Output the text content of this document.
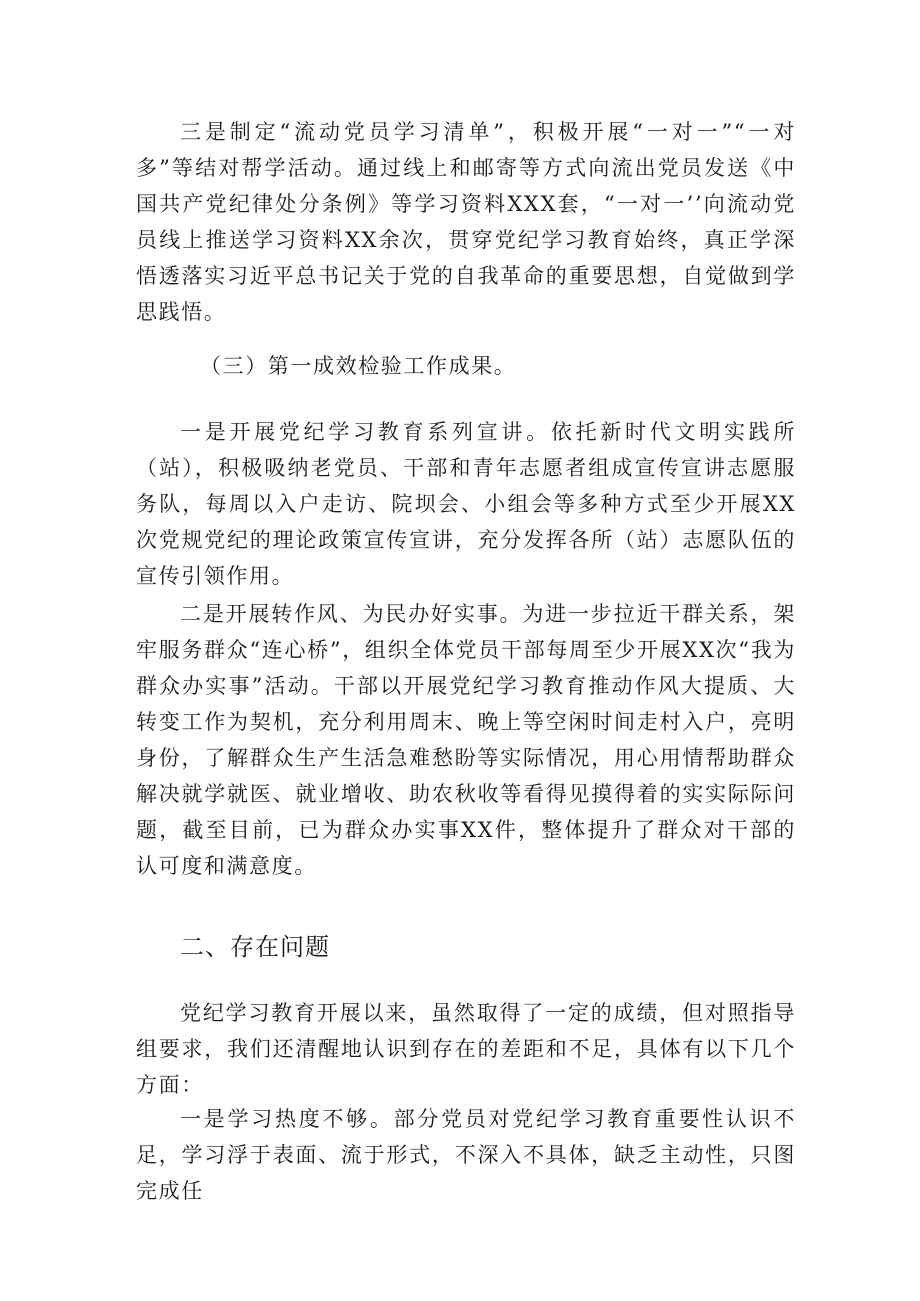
三是制定“流动党员学习清单”，积极开展“一对一”“一对多”等结对帮学活动。通过线上和邮寄等方式向流出党员发送《中国共产党纪律处分条例》等学习资料XXX套，“一对一’’向流动党员线上推送学习资料XX余次，贯穿党纪学习教育始终，真正学深悟透落实习近平总书记关于党的自我革命的重要思想，自觉做到学思践悟。

（三）第一成效检验工作成果。

一是开展党纪学习教育系列宣讲。依托新时代文明实践所（站），积极吸纳老党员、干部和青年志愿者组成宣传宣讲志愿服务队，每周以入户走访、院坝会、小组会等多种方式至少开展XX次党规党纪的理论政策宣传宣讲，充分发挥各所（站）志愿队伍的宣传引领作用。

二是开展转作风、为民办好实事。为进一步拉近干群关系，架牢服务群众“连心桥”，组织全体党员干部每周至少开展XX次“我为群众办实事”活动。干部以开展党纪学习教育推动作风大提质、大转变工作为契机，充分利用周末、晚上等空闲时间走村入户，亮明身份，了解群众生产生活急难愁盼等实际情况，用心用情帮助群众解决就学就医、就业增收、助农秋收等看得见摸得着的实实际际问题，截至目前，已为群众办实事XX件，整体提升了群众对干部的认可度和满意度。

二、存在问题

党纪学习教育开展以来，虽然取得了一定的成绩，但对照指导组要求，我们还清醒地认识到存在的差距和不足，具体有以下几个方面：

一是学习热度不够。部分党员对党纪学习教育重要性认识不足，学习浮于表面、流于形式，不深入不具体，缺乏主动性，只图完成任
